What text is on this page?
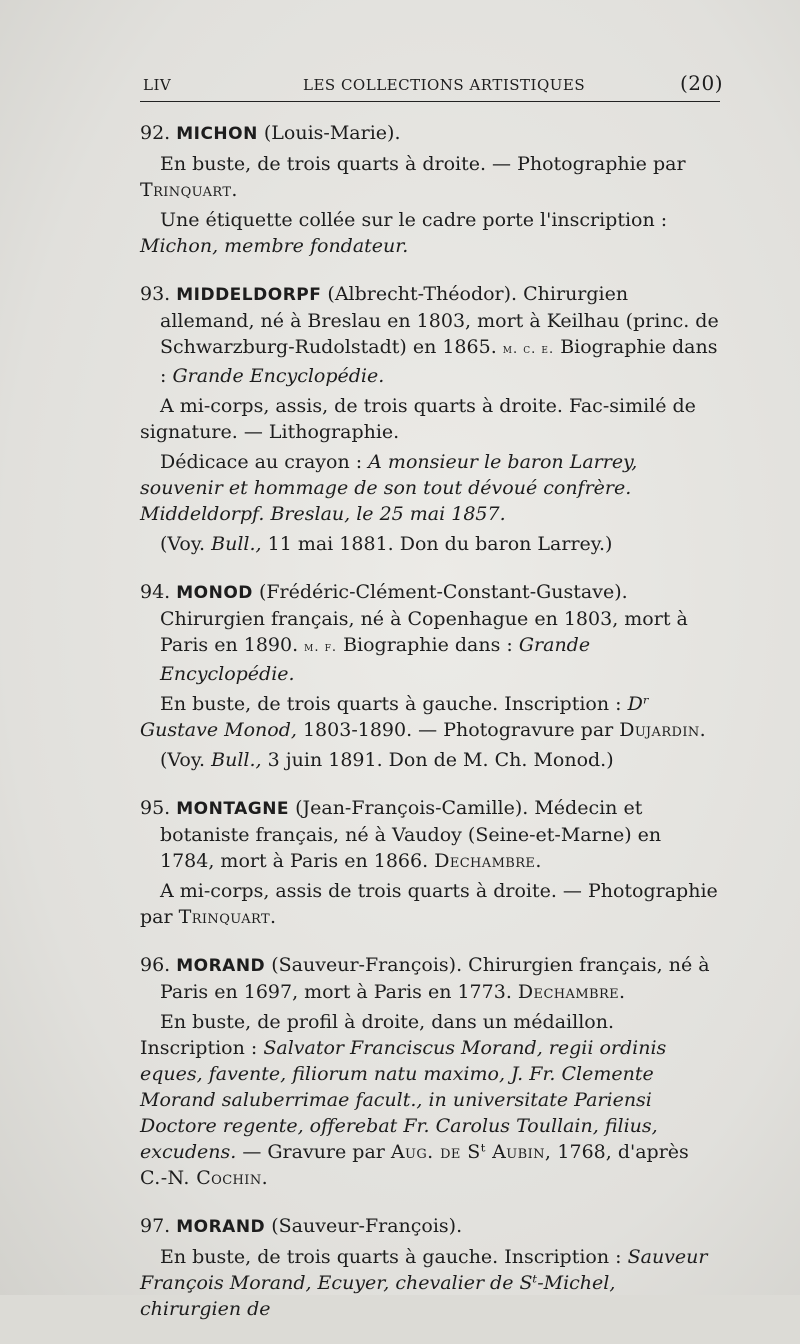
LIV	LES COLLECTIONS ARTISTIQUES	(20)

92. MICHON (Louis-Marie).

En buste, de trois quarts à droite. — Photographie par Trinquart.

Une étiquette collée sur le cadre porte l'inscription : Michon, membre fondateur.

93. MIDDELDORPF (Albrecht-Théodor). Chirurgien allemand, né à Breslau en 1803, mort à Keilhau (princ. de Schwarzburg-Rudolstadt) en 1865. m. c. e. Biographie dans : Grande Encyclopédie.

A mi-corps, assis, de trois quarts à droite. Fac-similé de signature. — Lithographie.

Dédicace au crayon : A monsieur le baron Larrey, souvenir et hommage de son tout dévoué confrère. Middeldorpf. Breslau, le 25 mai 1857.

(Voy. Bull., 11 mai 1881. Don du baron Larrey.)

94. MONOD (Frédéric-Clément-Constant-Gustave). Chirurgien français, né à Copenhague en 1803, mort à Paris en 1890. m. f. Biographie dans : Grande Encyclopédie.

En buste, de trois quarts à gauche. Inscription : Dʳ Gustave Monod, 1803-1890. — Photogravure par Dujardin.

(Voy. Bull., 3 juin 1891. Don de M. Ch. Monod.)

95. MONTAGNE (Jean-François-Camille). Médecin et botaniste français, né à Vaudoy (Seine-et-Marne) en 1784, mort à Paris en 1866. Dechambre.

A mi-corps, assis de trois quarts à droite. — Photographie par Trinquart.

96. MORAND (Sauveur-François). Chirurgien français, né à Paris en 1697, mort à Paris en 1773. Dechambre.

En buste, de profil à droite, dans un médaillon. Inscription : Salvator Franciscus Morand, regii ordinis eques, favente, filiorum natu maximo, J. Fr. Clemente Morand saluberrimae facult., in universitate Pariensi Doctore regente, offerebat Fr. Carolus Toullain, filius, excudens. — Gravure par Aug. de Sᵗ Aubin, 1768, d'après C.-N. Cochin.

97. MORAND (Sauveur-François).

En buste, de trois quarts à gauche. Inscription : Sauveur François Morand, Ecuyer, chevalier de Sᵗ-Michel, chirurgien de
